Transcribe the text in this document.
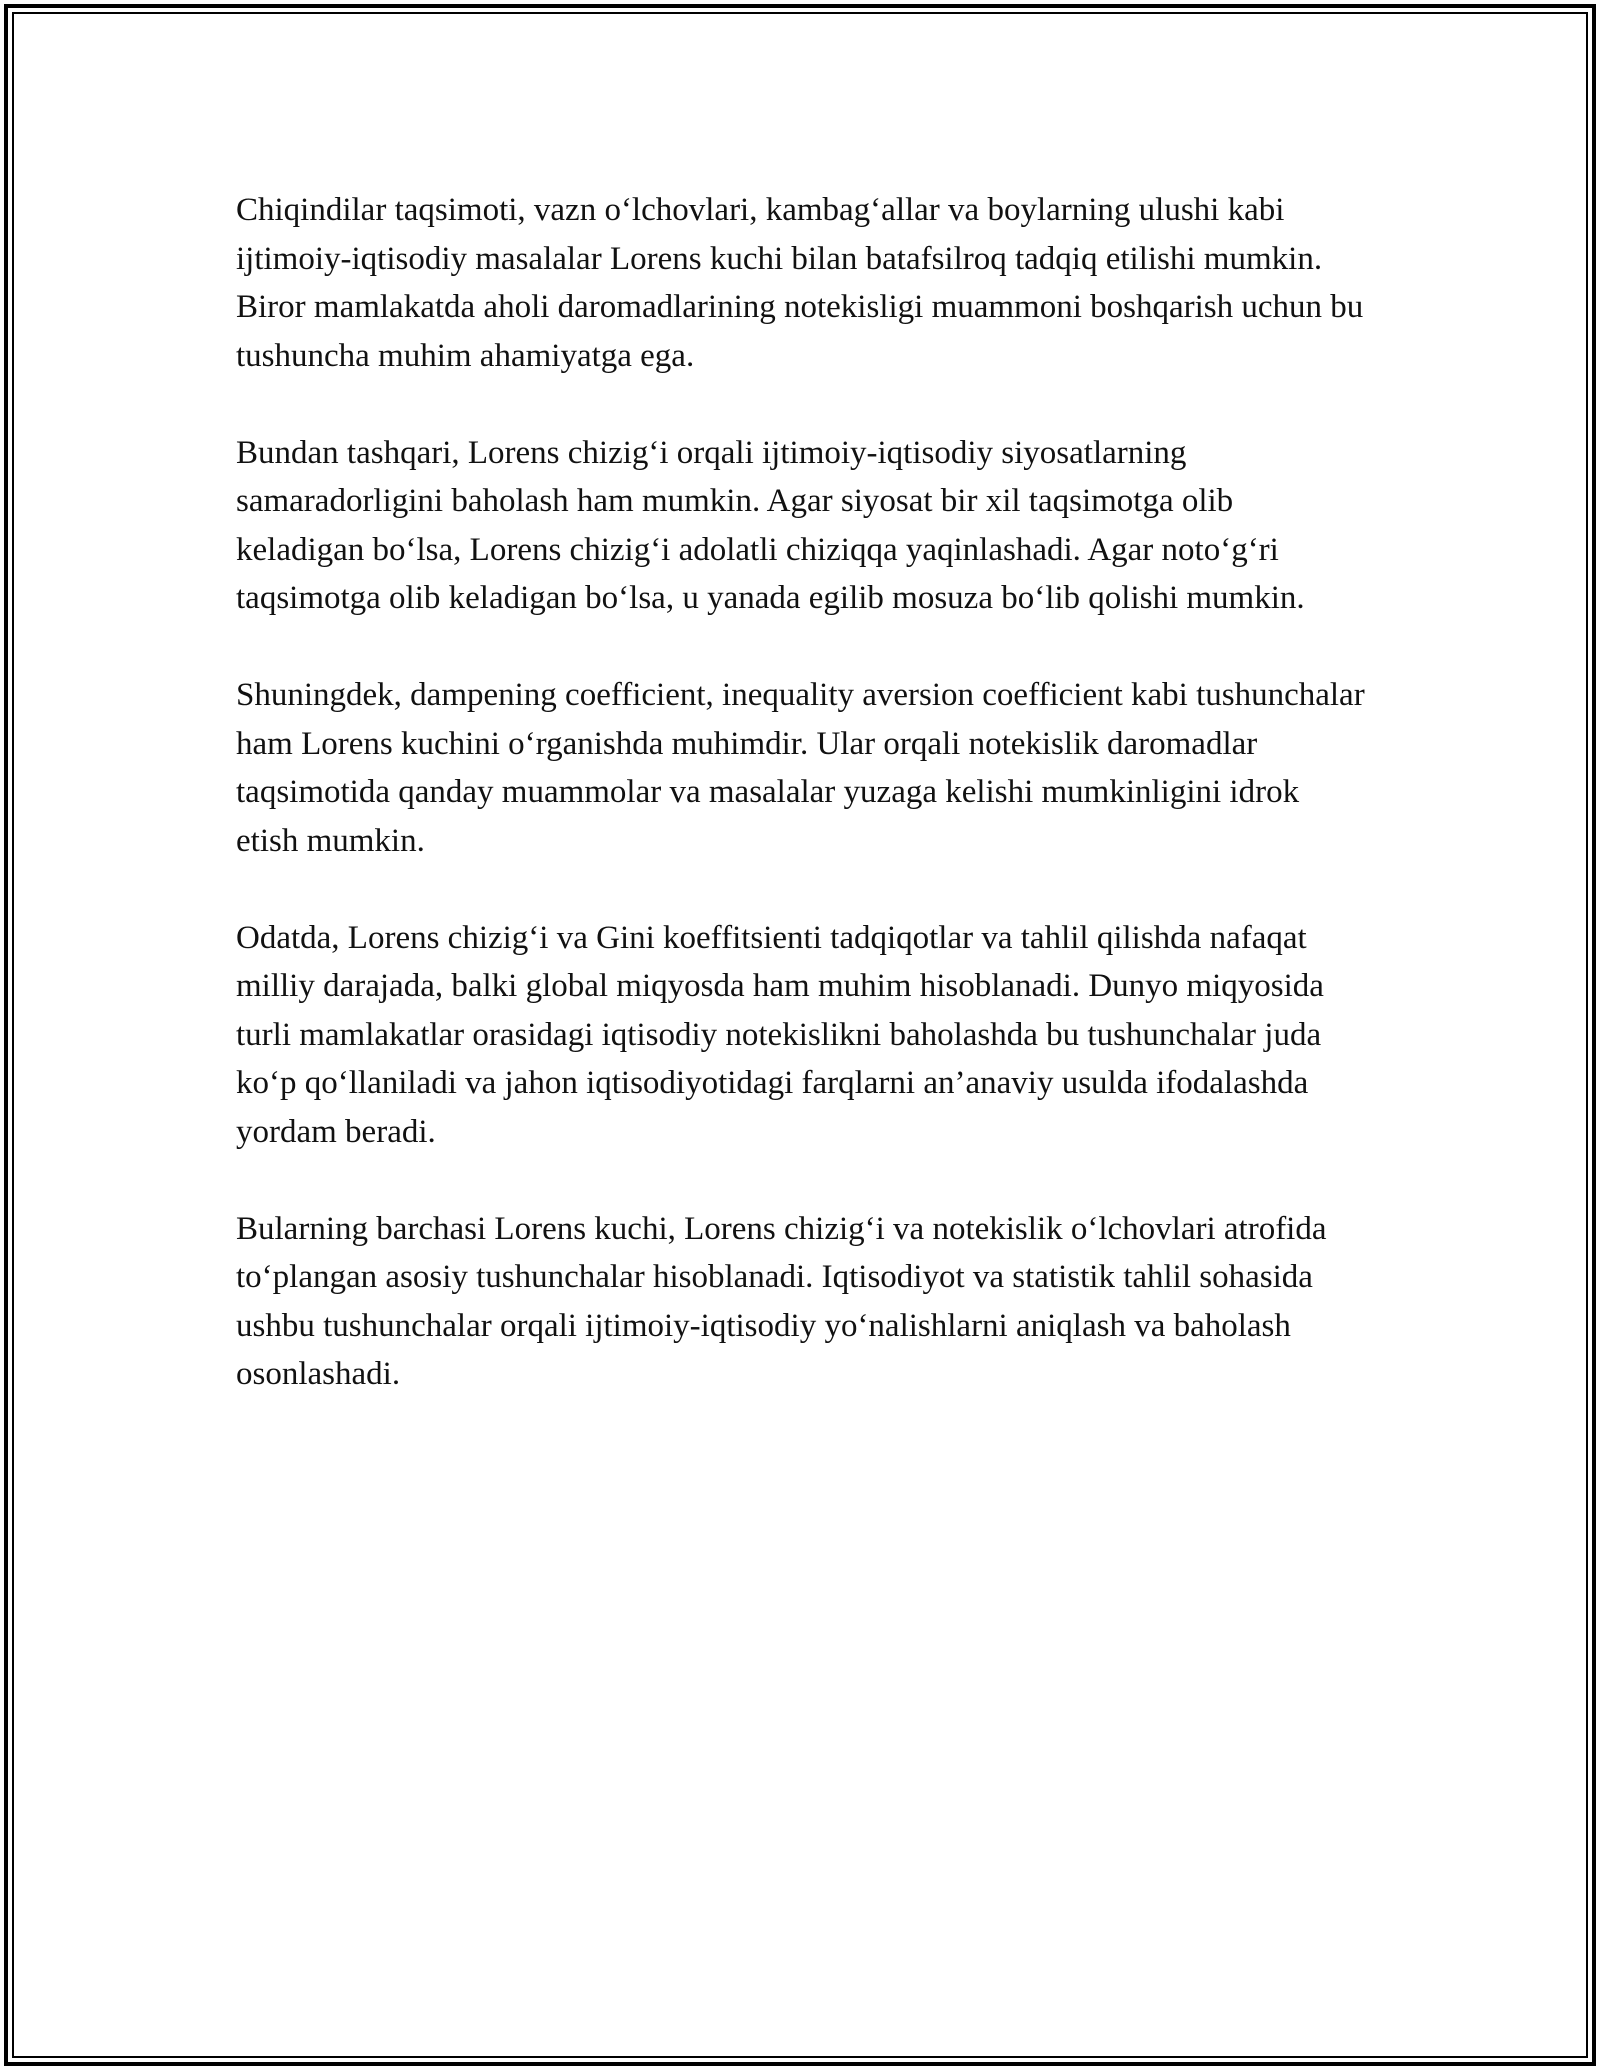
Chiqindilar taqsimoti, vazn o‘lchovlari, kambag‘allar va boylarning ulushi kabi ijtimoiy-iqtisodiy masalalar Lorens kuchi bilan batafsilroq tadqiq etilishi mumkin. Biror mamlakatda aholi daromadlarining notekisligi muammoni boshqarish uchun bu tushuncha muhim ahamiyatga ega.

Bundan tashqari, Lorens chizig‘i orqali ijtimoiy-iqtisodiy siyosatlarning samaradorligini baholash ham mumkin. Agar siyosat bir xil taqsimotga olib keladigan bo‘lsa, Lorens chizig‘i adolatli chiziqqa yaqinlashadi. Agar noto‘g‘ri taqsimotga olib keladigan bo‘lsa, u yanada egilib mosuza bo‘lib qolishi mumkin.

Shuningdek, dampening coefficient, inequality aversion coefficient kabi tushunchalar ham Lorens kuchini o‘rganishda muhimdir. Ular orqali notekislik daromadlar taqsimotida qanday muammolar va masalalar yuzaga kelishi mumkinligini idrok etish mumkin.

Odatda, Lorens chizig‘i va Gini koeffitsienti tadqiqotlar va tahlil qilishda nafaqat milliy darajada, balki global miqyosda ham muhim hisoblanadi. Dunyo miqyosida turli mamlakatlar orasidagi iqtisodiy notekislikni baholashda bu tushunchalar juda ko‘p qo‘llaniladi va jahon iqtisodiyotidagi farqlarni an’anaviy usulda ifodalashda yordam beradi.

Bularning barchasi Lorens kuchi, Lorens chizig‘i va notekislik o‘lchovlari atrofida to‘plangan asosiy tushunchalar hisoblanadi. Iqtisodiyot va statistik tahlil sohasida ushbu tushunchalar orqali ijtimoiy-iqtisodiy yo‘nalishlarni aniqlash va baholash osonlashadi.
